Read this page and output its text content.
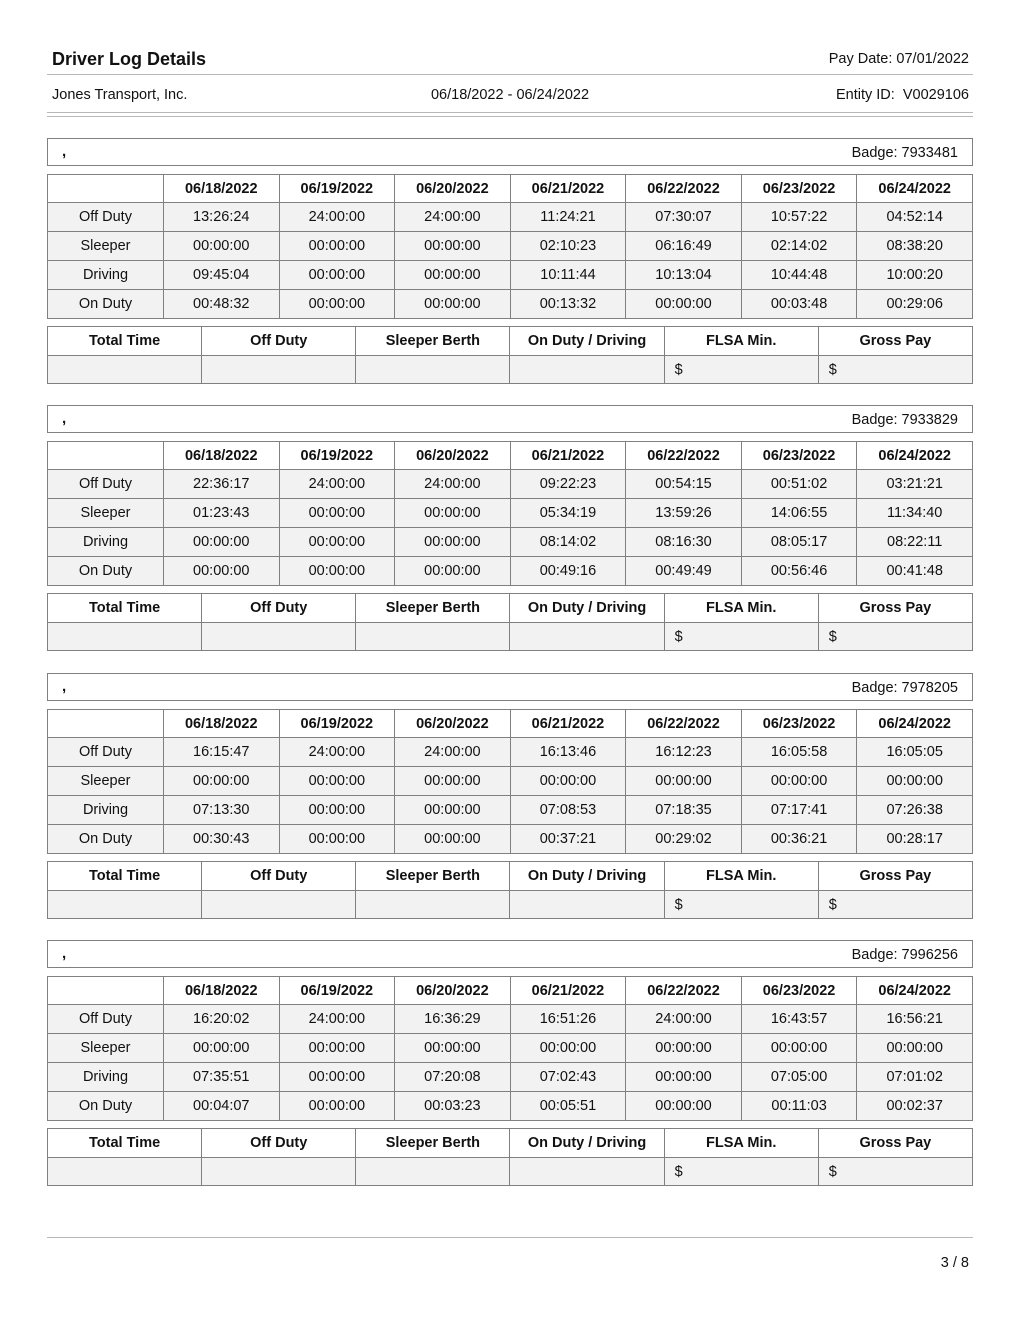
Driver Log Details	Pay Date: 07/01/2022
Jones Transport, Inc.	06/18/2022 - 06/24/2022	Entity ID: V0029106
,	Badge: 7933481
	06/18/2022	06/19/2022	06/20/2022	06/21/2022	06/22/2022	06/23/2022	06/24/2022
Off Duty	13:26:24	24:00:00	24:00:00	11:24:21	07:30:07	10:57:22	04:52:14
Sleeper	00:00:00	00:00:00	00:00:00	02:10:23	06:16:49	02:14:02	08:38:20
Driving	09:45:04	00:00:00	00:00:00	10:11:44	10:13:04	10:44:48	10:00:20
On Duty	00:48:32	00:00:00	00:00:00	00:13:32	00:00:00	00:03:48	00:29:06
Total Time	Off Duty	Sleeper Berth	On Duty / Driving	FLSA Min.	Gross Pay
				$	$
,	Badge: 7933829
	06/18/2022	06/19/2022	06/20/2022	06/21/2022	06/22/2022	06/23/2022	06/24/2022
Off Duty	22:36:17	24:00:00	24:00:00	09:22:23	00:54:15	00:51:02	03:21:21
Sleeper	01:23:43	00:00:00	00:00:00	05:34:19	13:59:26	14:06:55	11:34:40
Driving	00:00:00	00:00:00	00:00:00	08:14:02	08:16:30	08:05:17	08:22:11
On Duty	00:00:00	00:00:00	00:00:00	00:49:16	00:49:49	00:56:46	00:41:48
Total Time	Off Duty	Sleeper Berth	On Duty / Driving	FLSA Min.	Gross Pay
				$	$
,	Badge: 7978205
	06/18/2022	06/19/2022	06/20/2022	06/21/2022	06/22/2022	06/23/2022	06/24/2022
Off Duty	16:15:47	24:00:00	24:00:00	16:13:46	16:12:23	16:05:58	16:05:05
Sleeper	00:00:00	00:00:00	00:00:00	00:00:00	00:00:00	00:00:00	00:00:00
Driving	07:13:30	00:00:00	00:00:00	07:08:53	07:18:35	07:17:41	07:26:38
On Duty	00:30:43	00:00:00	00:00:00	00:37:21	00:29:02	00:36:21	00:28:17
Total Time	Off Duty	Sleeper Berth	On Duty / Driving	FLSA Min.	Gross Pay
				$	$
,	Badge: 7996256
	06/18/2022	06/19/2022	06/20/2022	06/21/2022	06/22/2022	06/23/2022	06/24/2022
Off Duty	16:20:02	24:00:00	16:36:29	16:51:26	24:00:00	16:43:57	16:56:21
Sleeper	00:00:00	00:00:00	00:00:00	00:00:00	00:00:00	00:00:00	00:00:00
Driving	07:35:51	00:00:00	07:20:08	07:02:43	00:00:00	07:05:00	07:01:02
On Duty	00:04:07	00:00:00	00:03:23	00:05:51	00:00:00	00:11:03	00:02:37
Total Time	Off Duty	Sleeper Berth	On Duty / Driving	FLSA Min.	Gross Pay
				$	$
3 / 8
